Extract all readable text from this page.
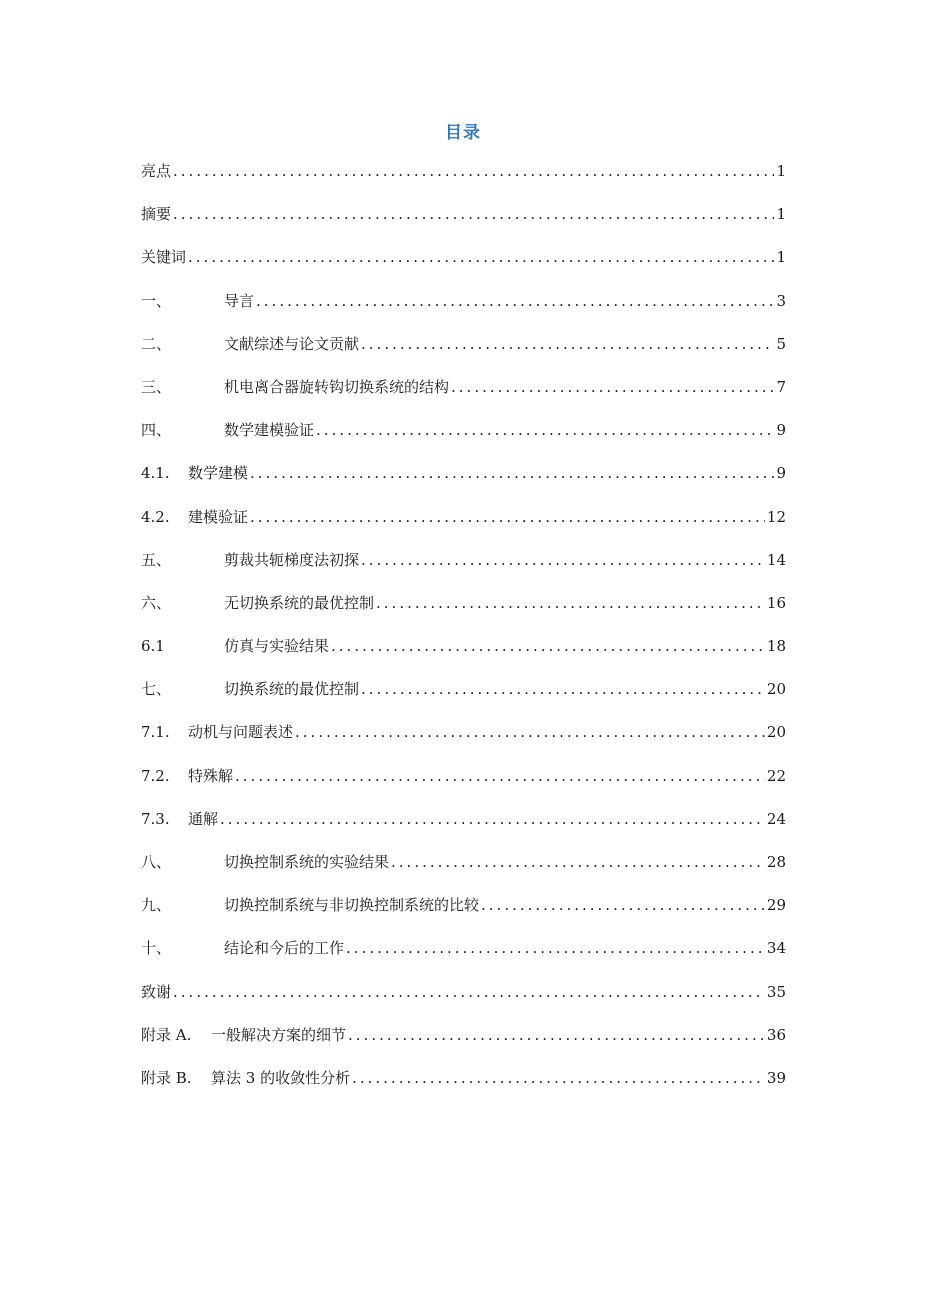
目录
亮点 .....	1
摘要 .....	1
关键词 .....	1
一、	导言 .....	3
二、	文献综述与论文贡献 .....	5
三、	机电离合器旋转钩切换系统的结构 .....	7
四、	数学建模验证 .....	9
4.1.	数学建模 .....	9
4.2.	建模验证 .....	12
五、	剪裁共轭梯度法初探 .....	14
六、	无切换系统的最优控制 .....	16
6.1	仿真与实验结果 .....	18
七、	切换系统的最优控制 .....	20
7.1.	动机与问题表述 .....	20
7.2.	特殊解 .....	22
7.3.	通解 .....	24
八、	切换控制系统的实验结果 .....	28
九、	切换控制系统与非切换控制系统的比较 .....	29
十、	结论和今后的工作 .....	34
致谢 .....	35
附录 A.	一般解决方案的细节 .....	36
附录 B.	算法 3 的收敛性分析 .....	39
